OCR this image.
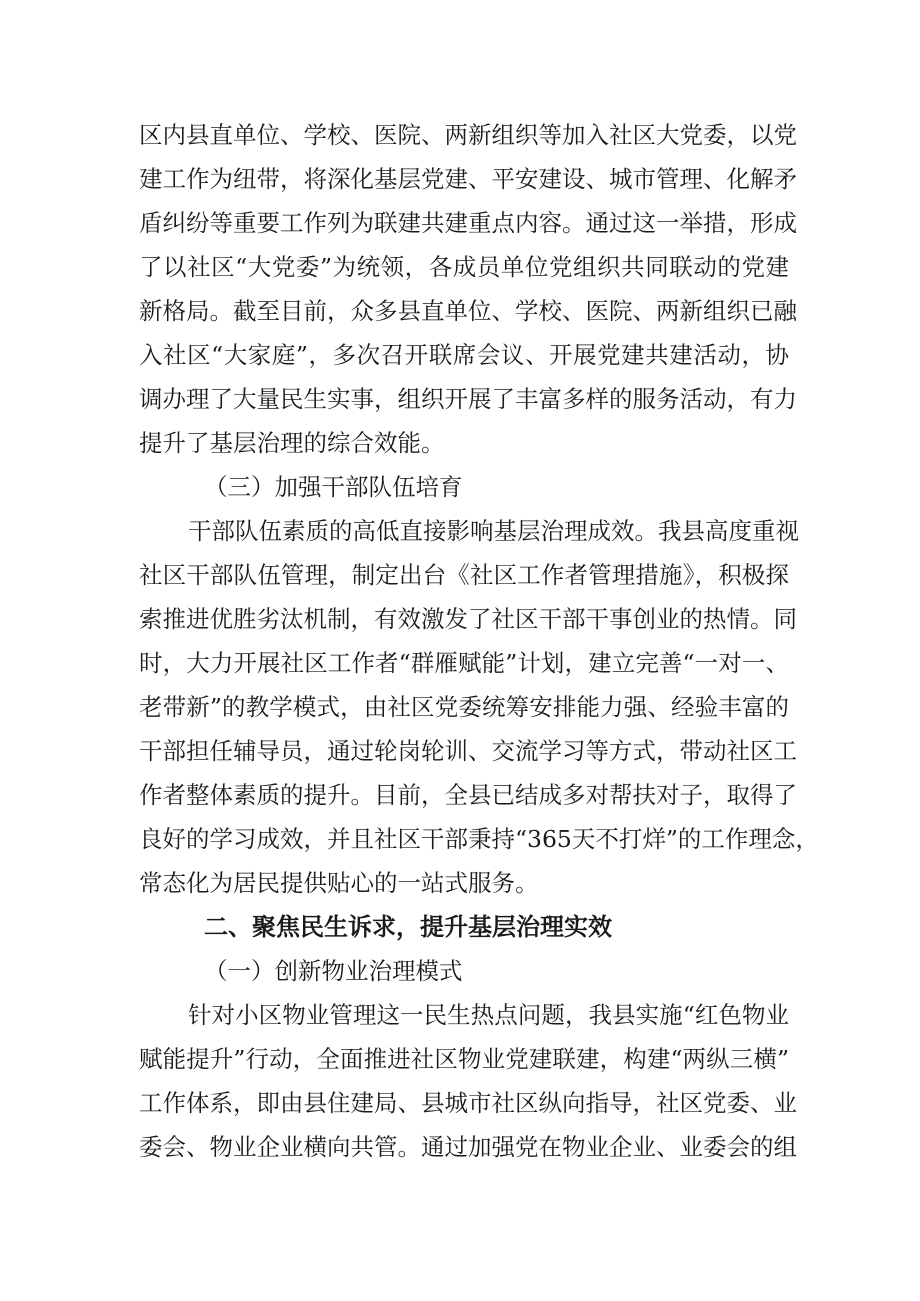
区内县直单位、学校、医院、两新组织等加入社区大党委，以党
建工作为纽带，将深化基层党建、平安建设、城市管理、化解矛
盾纠纷等重要工作列为联建共建重点内容。通过这一举措，形成
了以社区“大党委”为统领，各成员单位党组织共同联动的党建
新格局。截至目前，众多县直单位、学校、医院、两新组织已融
入社区“大家庭”，多次召开联席会议、开展党建共建活动，协
调办理了大量民生实事，组织开展了丰富多样的服务活动，有力
提升了基层治理的综合效能。
（三）加强干部队伍培育
干部队伍素质的高低直接影响基层治理成效。我县高度重视
社区干部队伍管理，制定出台《社区工作者管理措施》，积极探
索推进优胜劣汰机制，有效激发了社区干部干事创业的热情。同
时，大力开展社区工作者“群雁赋能”计划，建立完善“一对一、
老带新”的教学模式，由社区党委统筹安排能力强、经验丰富的
干部担任辅导员，通过轮岗轮训、交流学习等方式，带动社区工
作者整体素质的提升。目前，全县已结成多对帮扶对子，取得了
良好的学习成效，并且社区干部秉持“365天不打烊”的工作理念，
常态化为居民提供贴心的一站式服务。
二、聚焦民生诉求，提升基层治理实效
（一）创新物业治理模式
针对小区物业管理这一民生热点问题，我县实施“红色物业
赋能提升”行动，全面推进社区物业党建联建，构建“两纵三横”
工作体系，即由县住建局、县城市社区纵向指导，社区党委、业
委会、物业企业横向共管。通过加强党在物业企业、业委会的组
